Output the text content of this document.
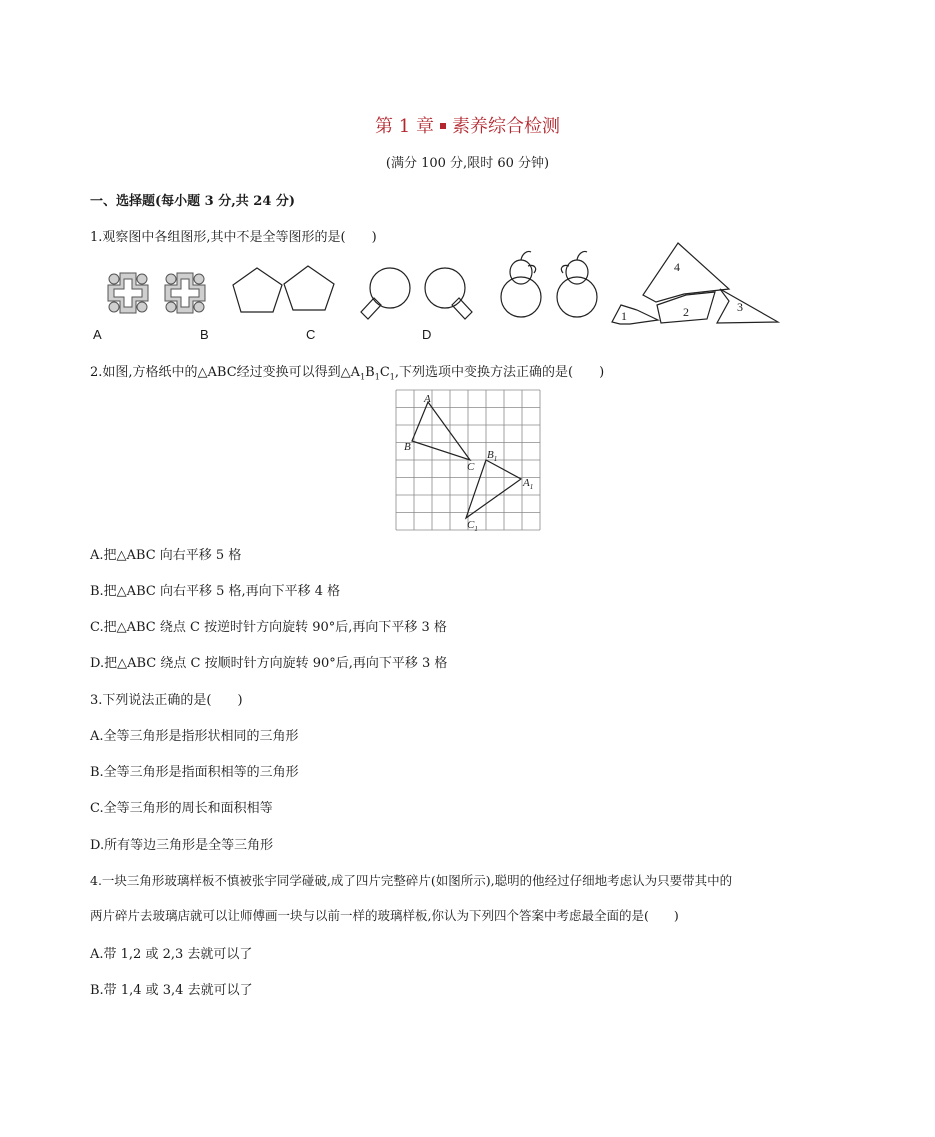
第 1 章 素养综合检测
(满分 100 分,限时 60 分钟)
一、选择题(每小题 3 分,共 24 分)
1.观察图中各组图形,其中不是全等图形的是(　　)
4
2	3
1
A	B	C	D
2.如图,方格纸中的△ABC经过变换可以得到$\triangle A_1B_1C_1$,下列选项中变换方法正确的是(　　)
A
B
C
$B_1$
$A_1$
$C_1$
A.把△ABC 向右平移 5 格
B.把△ABC 向右平移 5 格,再向下平移 4 格
C.把△ABC 绕点 C 按逆时针方向旋转 90°后,再向下平移 3 格
D.把△ABC 绕点 C 按顺时针方向旋转 90°后,再向下平移 3 格
3.下列说法正确的是(　　)
A.全等三角形是指形状相同的三角形
B.全等三角形是指面积相等的三角形
C.全等三角形的周长和面积相等
D.所有等边三角形是全等三角形
4.一块三角形玻璃样板不慎被张宇同学碰破,成了四片完整碎片(如图所示),聪明的他经过仔细地考虑认为只要带其中的
两片碎片去玻璃店就可以让师傅画一块与以前一样的玻璃样板,你认为下列四个答案中考虑最全面的是(　　)
A.带 1,2 或 2,3 去就可以了
B.带 1,4 或 3,4 去就可以了
